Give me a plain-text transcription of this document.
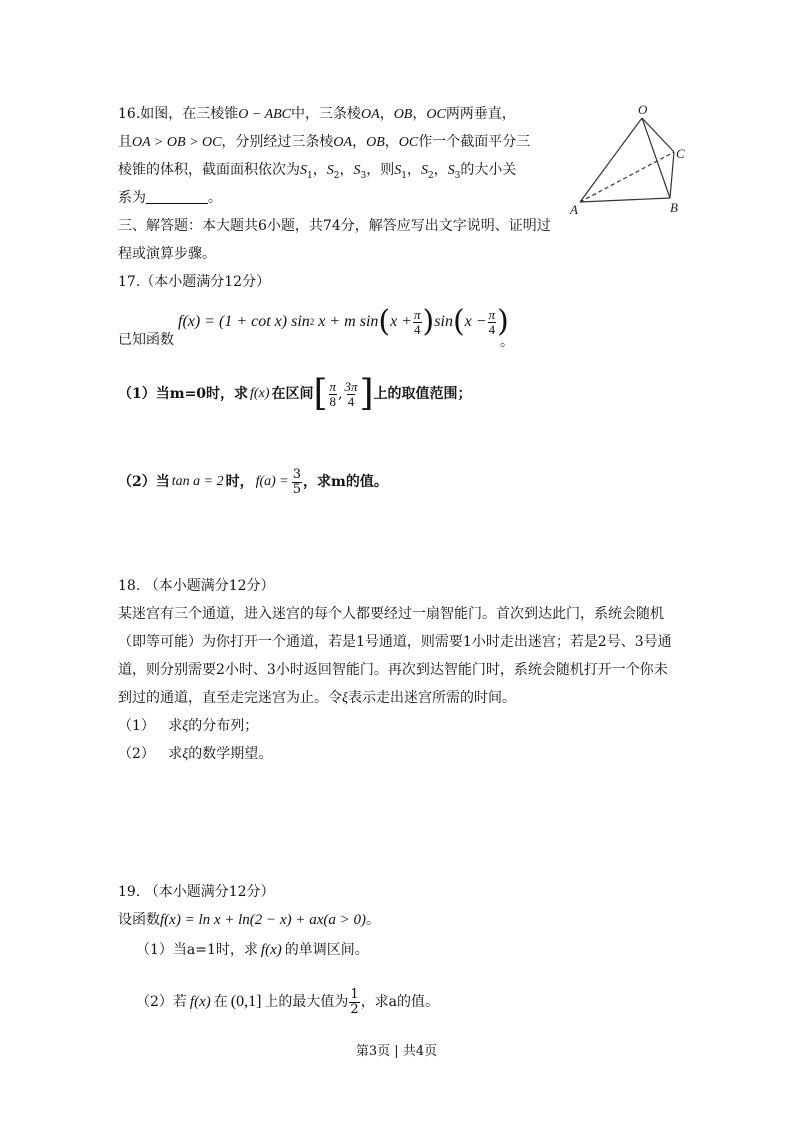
16.如图，在三棱锥O − ABC中，三条棱OA，OB，OC两两垂直，
且OA > OB > OC，分别经过三条棱OA，OB，OC作一个截面平分三
棱锥的体积，截面面积依次为$S_1$，$S_2$，$S_3$，则$S_1$，$S_2$，$S_3$的大小关
系为	。
O
A	B
C
三、解答题：本大题共6小题，共74分，解答应写出文字说明、证明过
程或演算步骤。
17.（本小题满分12分）
已知函数
f(x) =
(1 + cot x) sin 2
x + m sin ( $x + \frac{\pi}{4}$ ) sin ( $x - \frac{\pi}{4}$ )
。
（1） 当m=0时，求 f(x) 在区间 [ $\frac{\pi}{8}$ , $\frac{3\pi}{4}$ ] 上的取值范围；
（2） 当 tan a = 2 时， $f(a) = \frac{3}{5}$ ，求m的值。
18. （本小题满分12分）
某迷宫有三个通道，进入迷宫的每个人都要经过一扇智能门。首次到达此门，系统会随机
（即等可能）为你打开一个通道，若是1号通道，则需要1小时走出迷宫；若是2号、3号通
道，则分别需要2小时、3小时返回智能门。再次到达智能门时，系统会随机打开一个你未
到过的通道，直至走完迷宫为止。令ξ表示走出迷宫所需的时间。
（1） 求ξ的分布列；
（2） 求ξ的数学期望。
19. （本小题满分12分）
设函数f(x) = ln x + ln(2 − x) + ax(a > 0)。
（1）当a=1时，求 f(x) 的单调区间。
（2）若 f(x) 在 (0,1] 上的最大值为 $\frac{1}{2}$ ，求a的值。
第3页 | 共4页
